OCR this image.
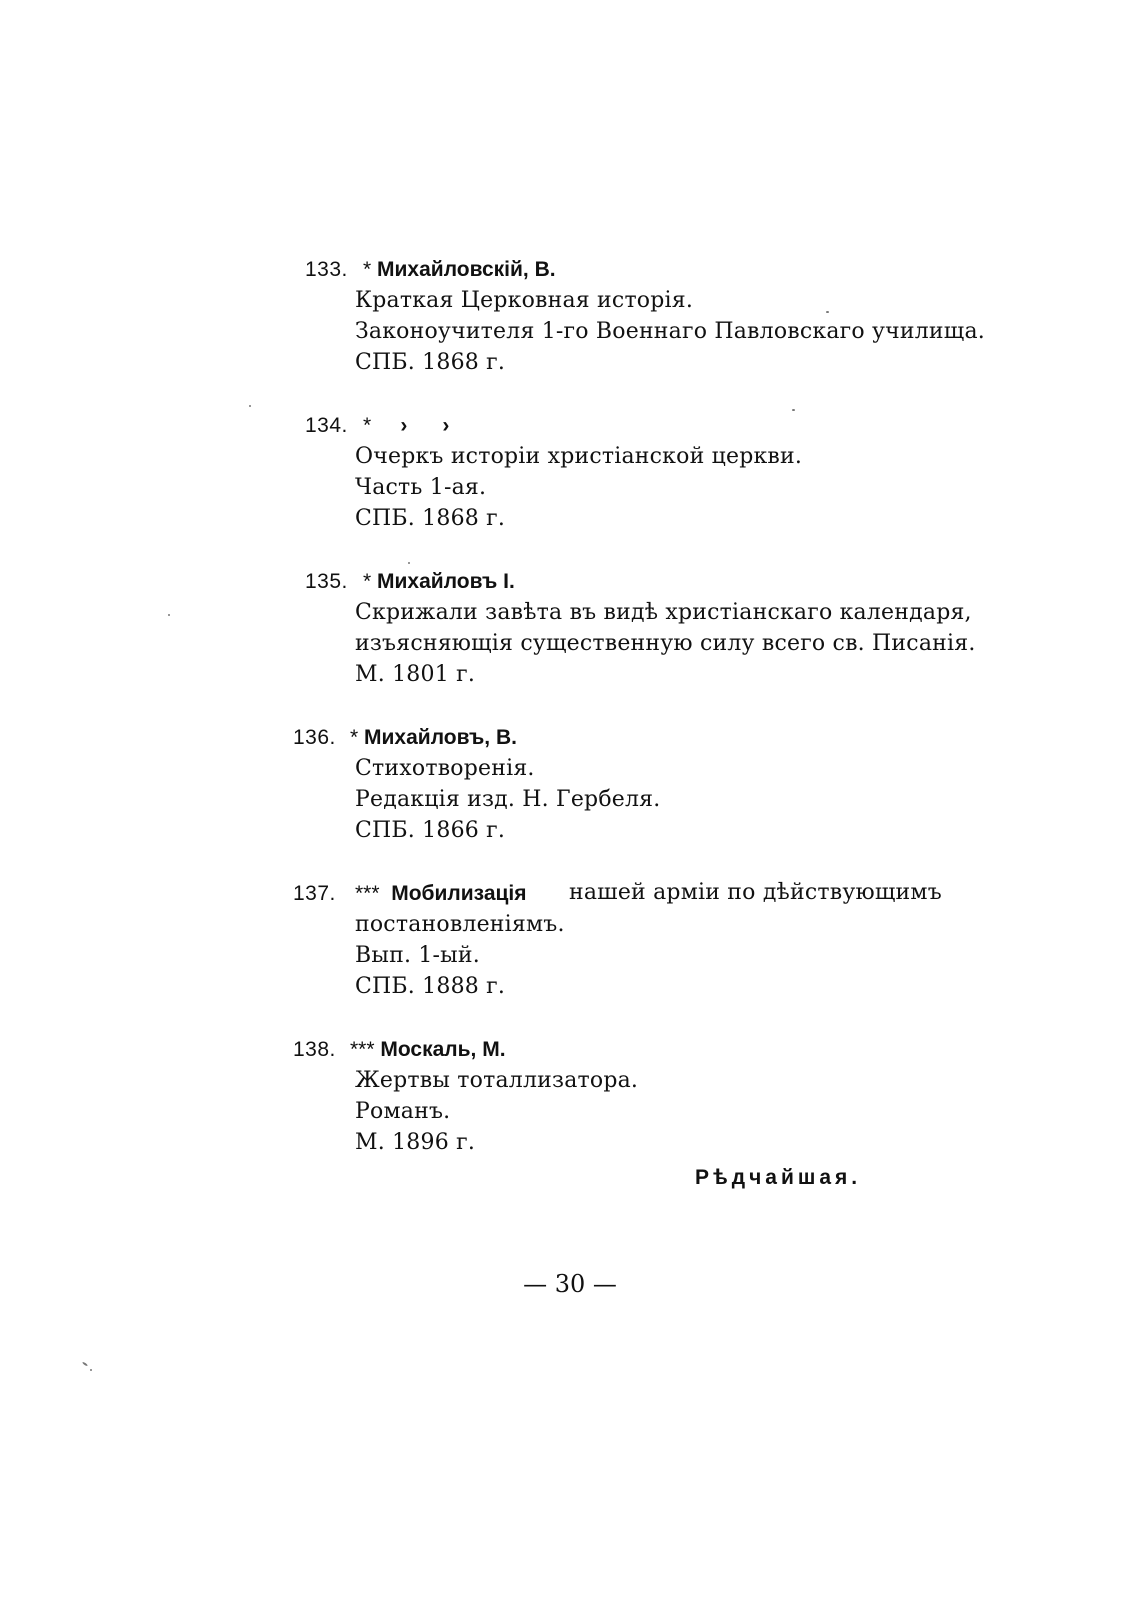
133. * Михайловскій, В.
Краткая Церковная исторія.
Законоучителя 1-го Военнаго Павловскаго училища.
СПБ. 1868 г.
134. * ›      ›
Очеркъ исторіи христіанской церкви.
Часть 1-ая.
СПБ. 1868 г.
135. * Михайловъ І.
Скрижали завѣта въ видѣ христіанскаго календаря,
изъясняющія существенную силу всего св. Писанія.
М. 1801 г.
136. * Михайловъ, В.
Стихотворенія.
Редакція изд. Н. Гербеля.
СПБ. 1866 г.
137. *** Мобилизація нашей арміи по дѣйствующимъ
постановленіямъ.
Вып. 1-ый.
СПБ. 1888 г.
138. *** Москаль, М.
Жертвы тоталлизатора.
Романъ.
М. 1896 г.
Рѣдчайшая.
— 30 —
